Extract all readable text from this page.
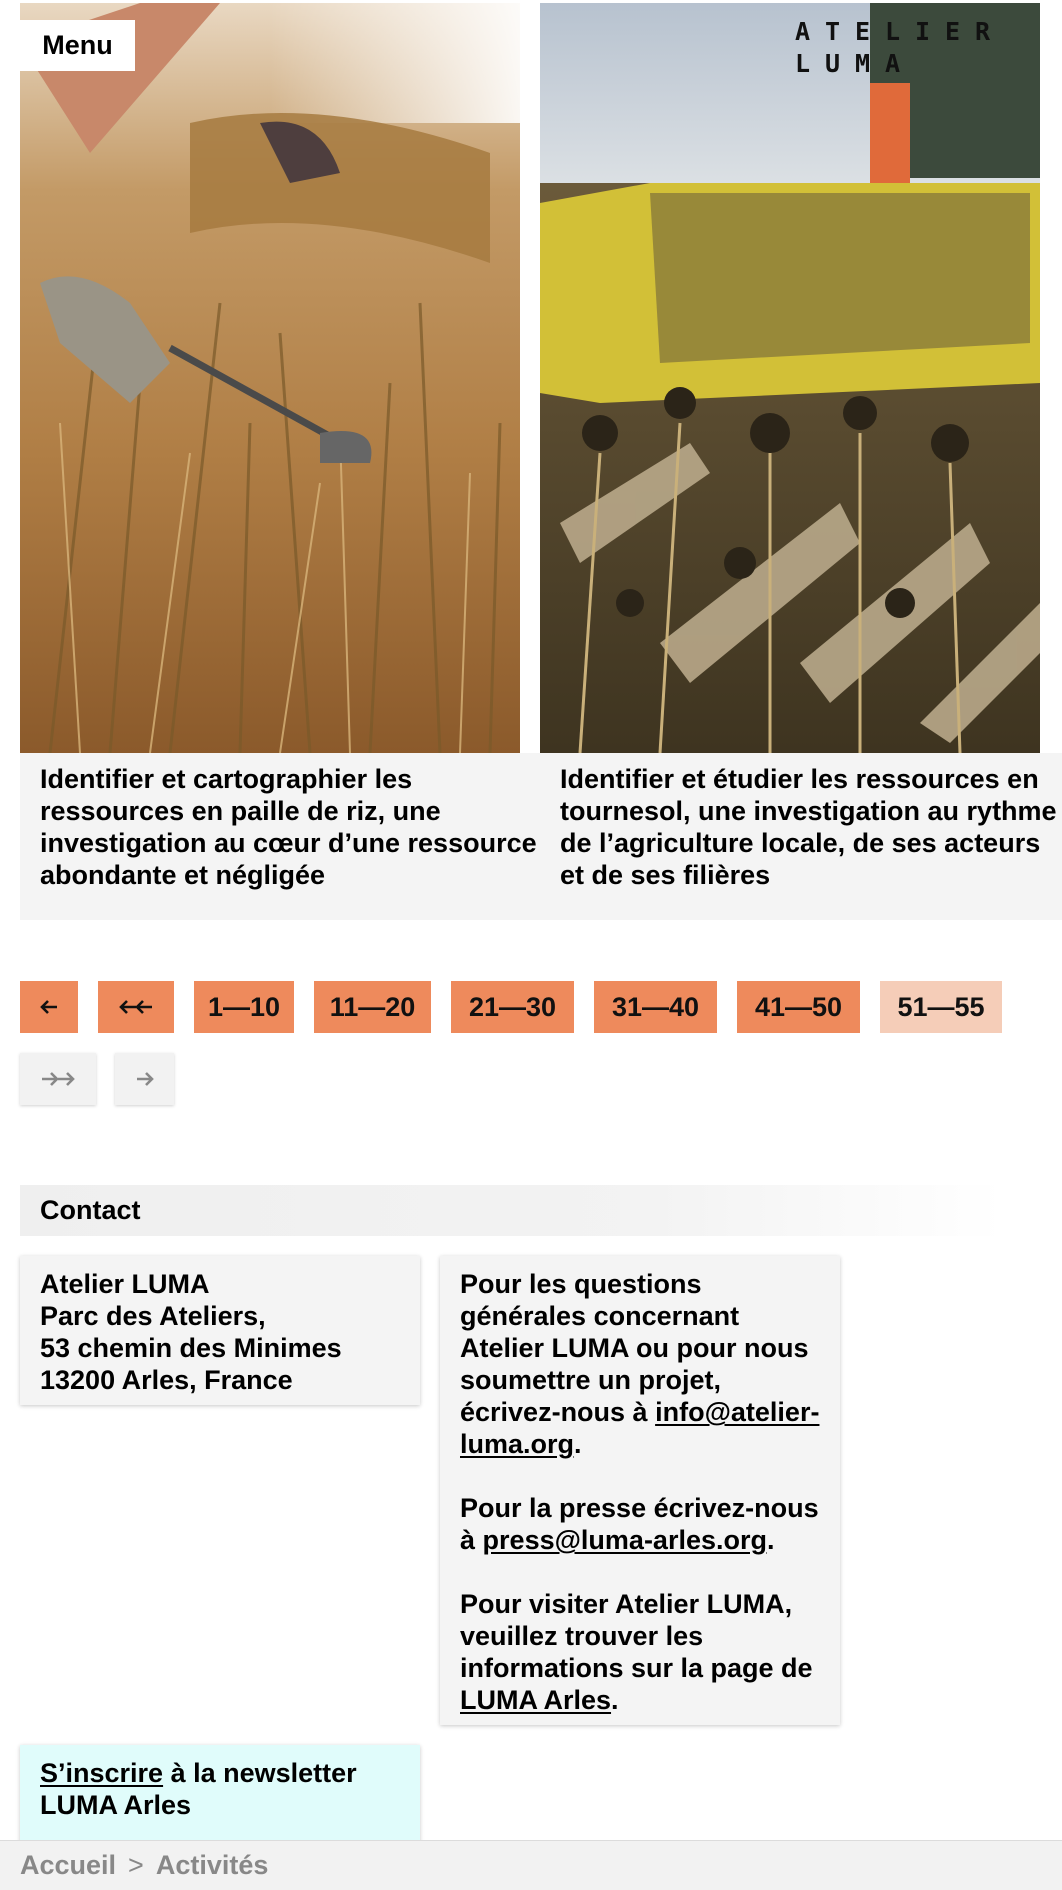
Menu	A
T
E
L
I
E
R
L
U
M
A
Identifier et cartographier les ressources en paille de riz, une investigation au cœur d’une ressource abondante et négligée
Identifier et étudier les ressources en tournesol, une investigation au rythme de l’agriculture locale, de ses acteurs et de ses filières
1—10	11—20	21—30	31—40	41—50	51—55
Contact
Atelier LUMA
Parc des Ateliers,
53 chemin des Minimes
13200 Arles, France

Pour les questions générales concernant Atelier LUMA ou pour nous soumettre un projet, écrivez-nous à info@atelier-luma.org.

Pour la presse écrivez-nous à press@luma-arles.org.

Pour visiter Atelier LUMA, veuillez trouver les informations sur la page de LUMA Arles.

S’inscrire à la newsletter LUMA Arles
Accueil > Activités
